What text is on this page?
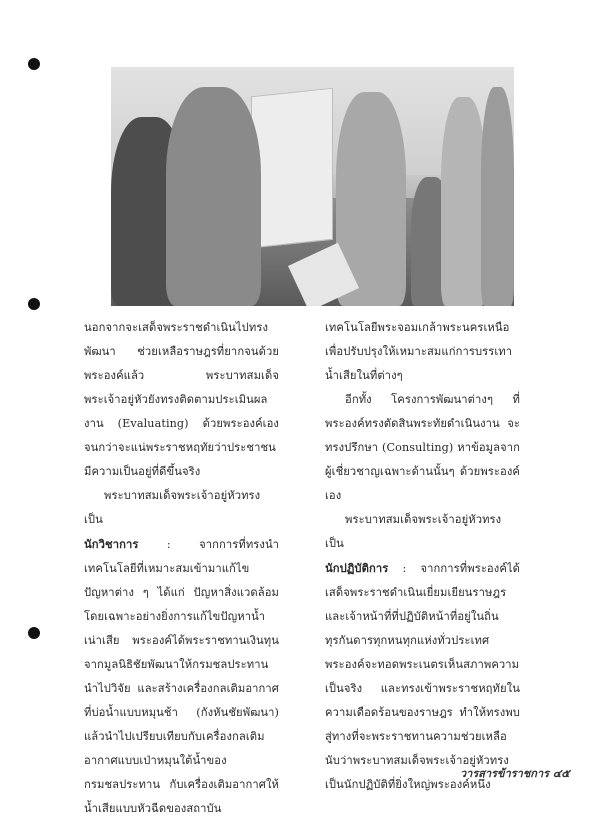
นอกจากจะเสด็จพระราชดำเนินไปทรงพัฒนา ช่วยเหลือราษฎรที่ยากจนด้วยพระองค์แล้ว พระบาทสมเด็จพระเจ้าอยู่หัวยังทรงติดตามประเมินผลงาน (Evaluating) ด้วยพระองค์เองจนกว่าจะแน่พระราชหฤทัยว่าประชาชนมีความเป็นอยู่ที่ดีขึ้นจริง

พระบาทสมเด็จพระเจ้าอยู่หัวทรงเป็น
นักวิชาการ : จากการที่ทรงนำเทคโนโลยีที่เหมาะสมเข้ามาแก้ไขปัญหาต่าง ๆ ได้แก่ ปัญหาสิ่งแวดล้อม โดยเฉพาะอย่างยิ่งการแก้ไขปัญหาน้ำเน่าเสีย พระองค์ได้พระราชทานเงินทุนจากมูลนิธิชัยพัฒนาให้กรมชลประทานนำไปวิจัย และสร้างเครื่องกลเติมอากาศที่บ่อน้ำแบบหมุนช้า (กังหันชัยพัฒนา) แล้วนำไปเปรียบเทียบกับเครื่องกลเติมอากาศแบบเป่าหมุนใต้น้ำของกรมชลประทาน กับเครื่องเติมอากาศให้น้ำเสียแบบหัวฉีดของสถาบัน

เทคโนโลยีพระจอมเกล้าพระนครเหนือ เพื่อปรับปรุงให้เหมาะสมแก่การบรรเทาน้ำเสียในที่ต่างๆ

อีกทั้ง โครงการพัฒนาต่างๆ ที่พระองค์ทรงตัดสินพระทัยดำเนินงาน จะทรงปรึกษา (Consulting) หาข้อมูลจากผู้เชี่ยวชาญเฉพาะด้านนั้นๆ ด้วยพระองค์เอง

พระบาทสมเด็จพระเจ้าอยู่หัวทรงเป็น
นักปฏิบัติการ : จากการที่พระองค์ได้เสด็จพระราชดำเนินเยี่ยมเยียนราษฎรและเจ้าหน้าที่ที่ปฏิบัติหน้าที่อยู่ในถิ่นทุรกันดารทุกหนทุกแห่งทั่วประเทศ พระองค์จะทอดพระเนตรเห็นสภาพความเป็นจริง และทรงเข้าพระราชหฤทัยในความเดือดร้อนของราษฎร ทำให้ทรงพบสู่ทางที่จะพระราชทานความช่วยเหลือนับว่าพระบาทสมเด็จพระเจ้าอยู่หัวทรงเป็นนักปฏิบัติที่ยิ่งใหญ่พระองค์หนึ่ง

วารสารข้าราชการ ๔๕
